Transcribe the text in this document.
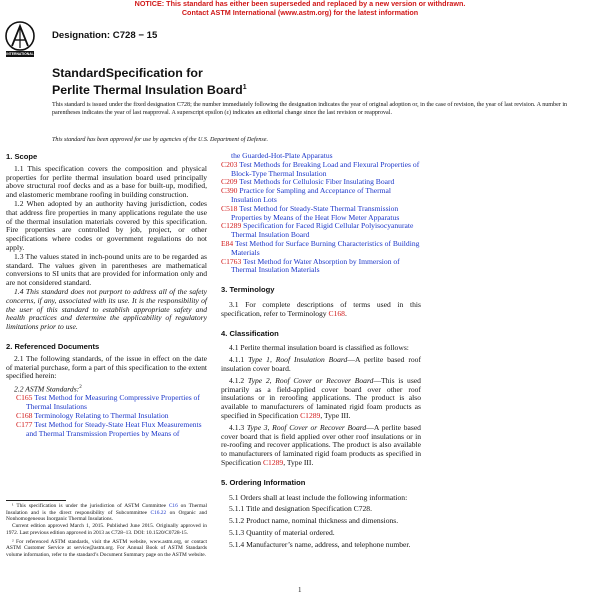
NOTICE: This standard has either been superseded and replaced by a new version or withdrawn.
Contact ASTM International (www.astm.org) for the latest information
INTERNATIONAL
Designation: C728 − 15
StandardSpecification for
Perlite Thermal Insulation Board$^1$
This standard is issued under the fixed designation C728; the number immediately following the designation indicates the year of original adoption or, in the case of revision, the year of last revision. A number in parentheses indicates the year of last reapproval. A superscript epsilon (ε) indicates an editorial change since the last revision or reapproval.
This standard has been approved for use by agencies of the U.S. Department of Defense.
1. Scope

1.1 This specification covers the composition and physical properties for perlite thermal insulation board used principally above structural roof decks and as a base for built-up, modified, and elastomeric membrane roofing in building construction.

1.2 When adopted by an authority having jurisdiction, codes that address fire properties in many applications regulate the use of the thermal insulation materials covered by this specification. Fire properties are controlled by job, project, or other specifications where codes or government regulations do not apply.

1.3 The values stated in inch-pound units are to be regarded as standard. The values given in parentheses are mathematical conversions to SI units that are provided for information only and are not considered standard.

1.4 This standard does not purport to address all of the safety concerns, if any, associated with its use. It is the responsibility of the user of this standard to establish appropriate safety and health practices and determine the applicability of regulatory limitations prior to use.

2. Referenced Documents

2.1 The following standards, of the issue in effect on the date of material purchase, form a part of this specification to the extent specified herein:

2.2 ASTM Standards:$^2$

C165 Test Method for Measuring Compressive Properties of Thermal Insulations
C168 Terminology Relating to Thermal Insulation
C177 Test Method for Steady-State Heat Flux Measurements and Thermal Transmission Properties by Means of
the Guarded-Hot-Plate Apparatus
C203 Test Methods for Breaking Load and Flexural Properties of Block-Type Thermal Insulation
C209 Test Methods for Cellulosic Fiber Insulating Board
C390 Practice for Sampling and Acceptance of Thermal Insulation Lots
C518 Test Method for Steady-State Thermal Transmission Properties by Means of the Heat Flow Meter Apparatus
C1289 Specification for Faced Rigid Cellular Polyisocyanurate Thermal Insulation Board
E84 Test Method for Surface Burning Characteristics of Building Materials
C1763 Test Method for Water Absorption by Immersion of Thermal Insulation Materials
3. Terminology

3.1 For complete descriptions of terms used in this specification, refer to Terminology C168.

4. Classification

4.1 Perlite thermal insulation board is classified as follows:

4.1.1 Type 1, Roof Insulation Board—A perlite based roof insulation cover board.

4.1.2 Type 2, Roof Cover or Recover Board—This is used primarily as a field-applied cover board over other roof insulations or in reroofing applications. The product is also available to manufacturers of laminated rigid foam products as specified in Specification C1289, Type III.

4.1.3 Type 3, Roof Cover or Recover Board—A perlite based cover board that is field applied over other roof insulations or in re-roofing and recover applications. The product is also available to manufacturers of laminated rigid foam products as specified in Specification C1289, Type III.

5. Ordering Information

5.1 Orders shall at least include the following information:

5.1.1 Title and designation Specification C728.

5.1.2 Product name, nominal thickness and dimensions.

5.1.3 Quantity of material ordered.

5.1.4 Manufacturer’s name, address, and telephone number.

¹ This specification is under the jurisdiction of ASTM Committee C16 on Thermal Insulation and is the direct responsibility of Subcommittee C16.22 on Organic and Nonhomogeneous Inorganic Thermal Insulations.

Current edition approved March 1, 2015. Published June 2015. Originally approved in 1972. Last previous edition approved in 2013 as C728–13. DOI: 10.1520/C0728-15.

² For referenced ASTM standards, visit the ASTM website, www.astm.org, or contact ASTM Customer Service at service@astm.org. For Annual Book of ASTM Standards volume information, refer to the standard’s Document Summary page on the ASTM website.

1
